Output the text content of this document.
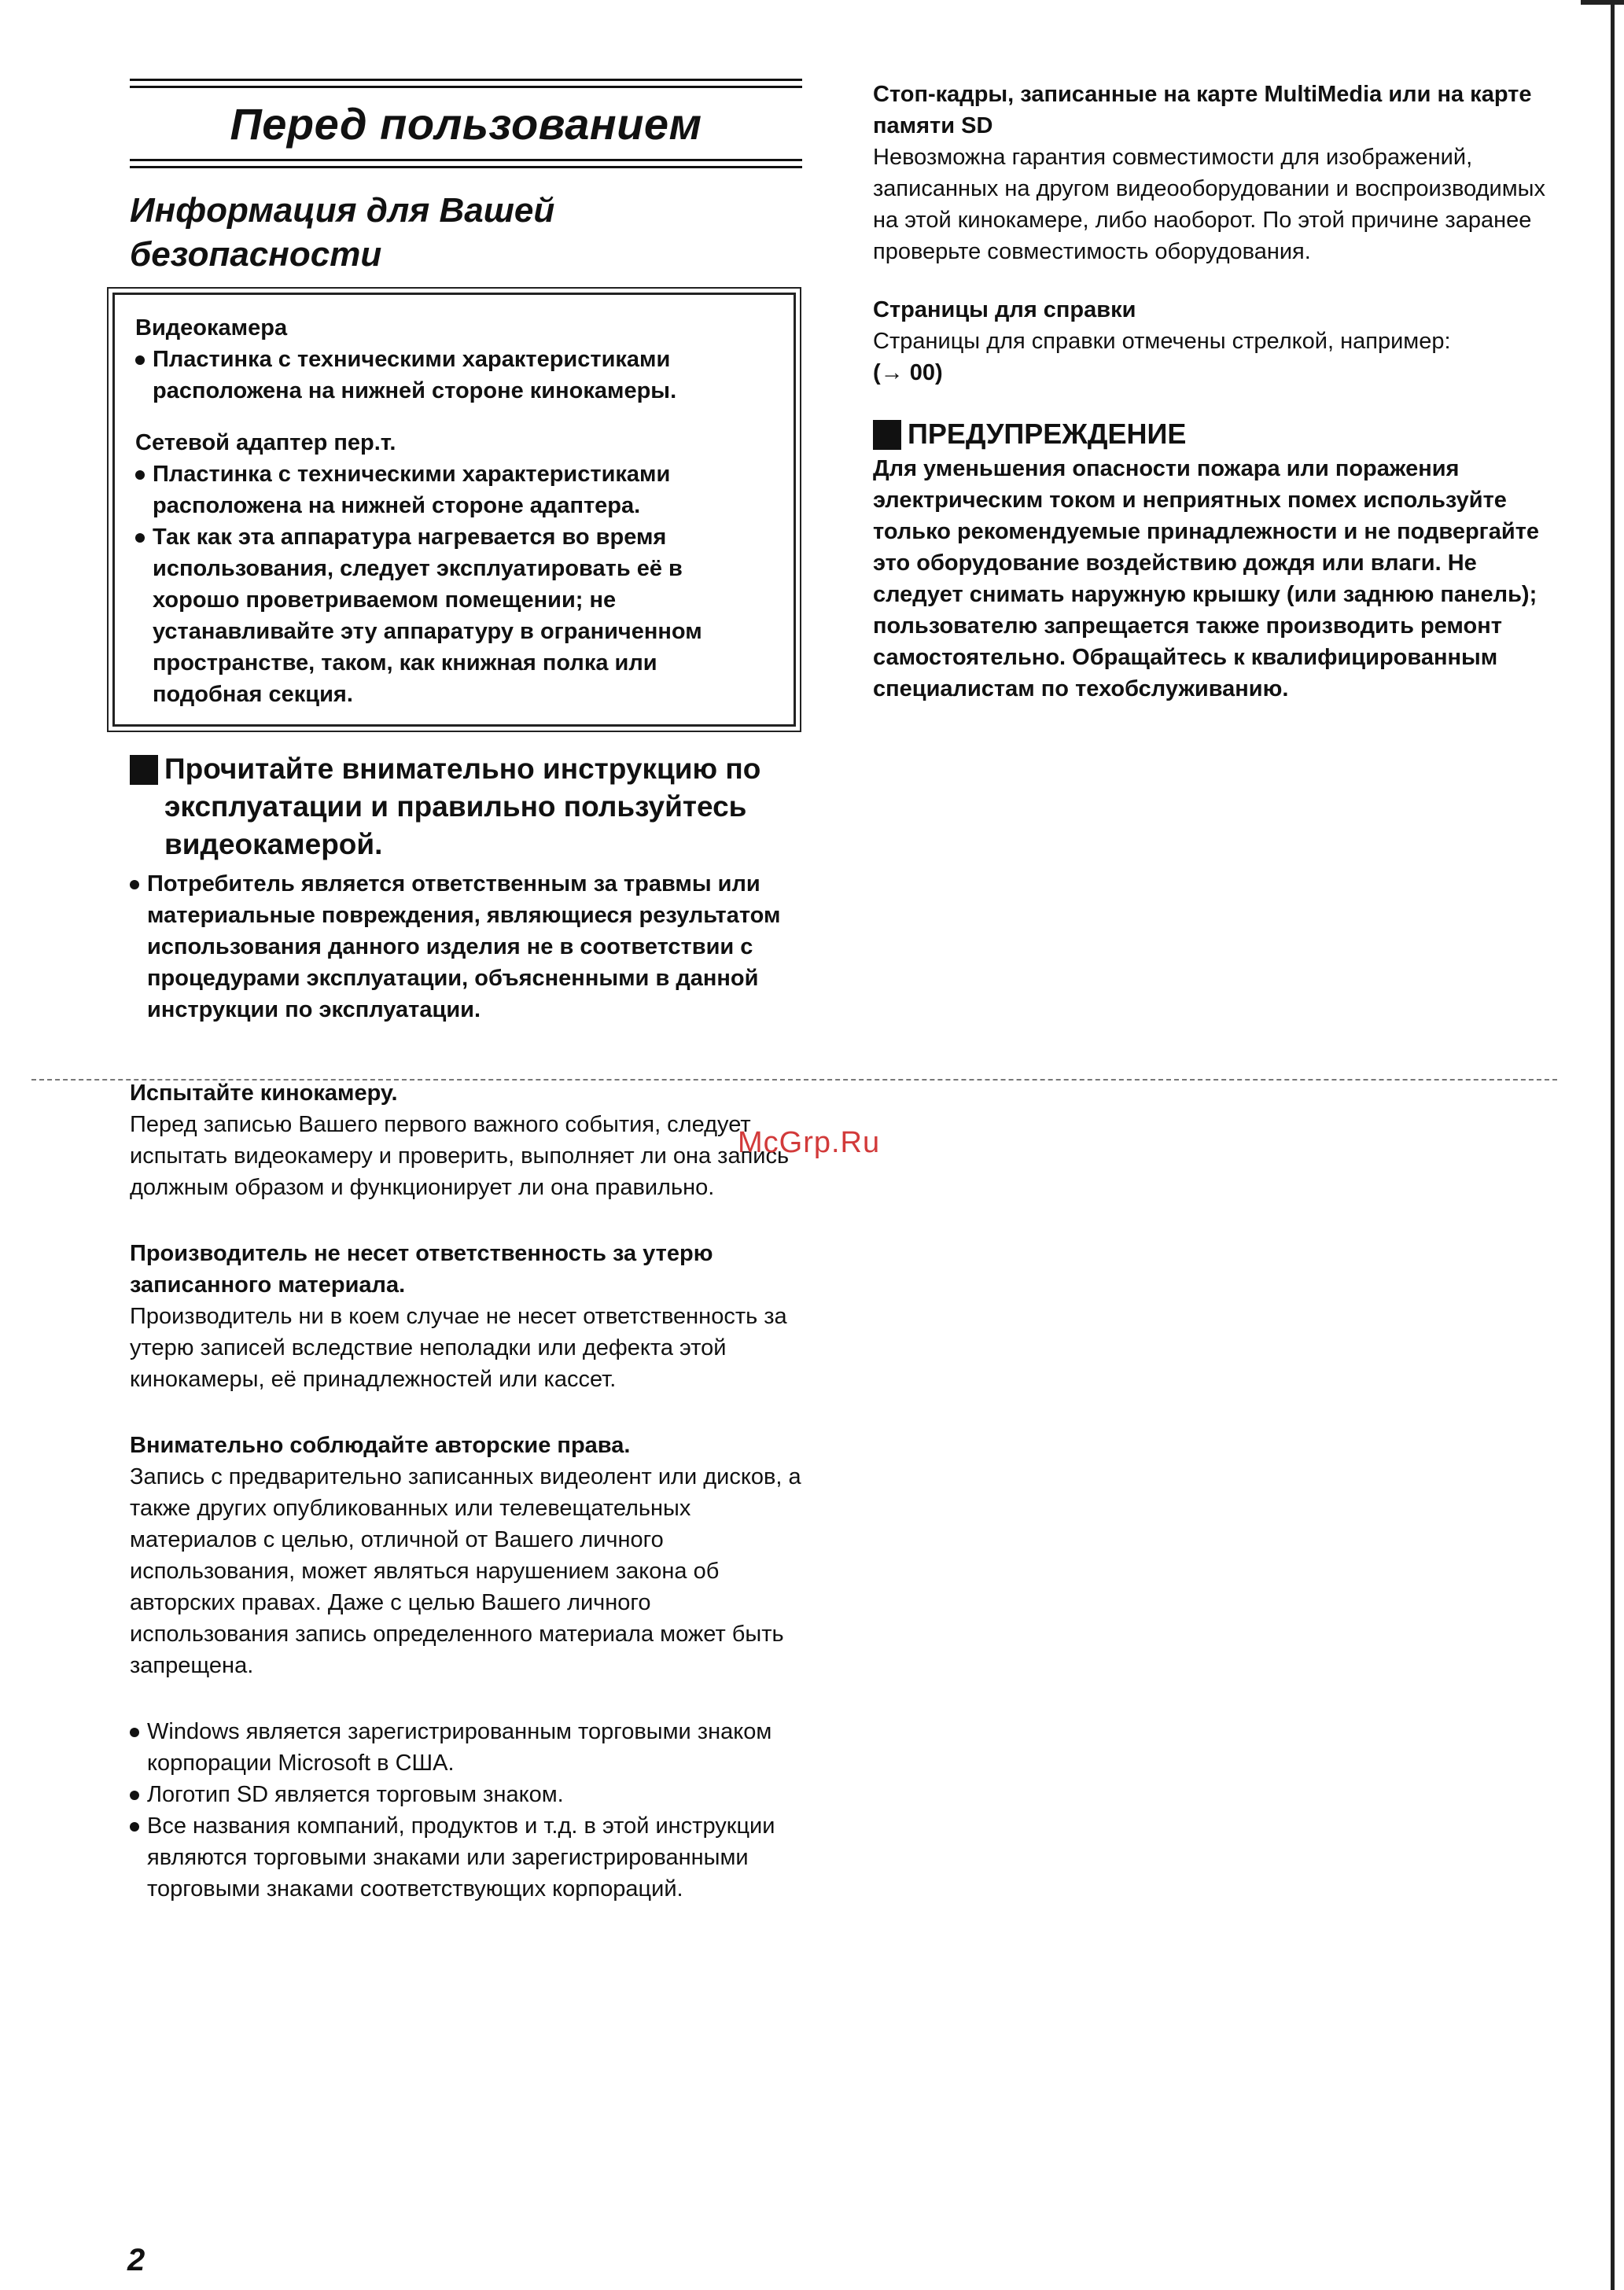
Перед пользованием
Информация для Вашей безопасности
Видеокамера
Пластинка с техническими характеристиками расположена на нижней стороне кинокамеры.
Сетевой адаптер пер.т.
Пластинка с техническими характеристиками расположена на нижней стороне адаптера.
Так как эта аппаратура нагревается во время использования, следует эксплуатировать её в хорошо проветриваемом помещении; не устанавливайте эту аппаратуру в ограниченном пространстве, таком, как книжная полка или подобная секция.
Прочитайте внимательно инструкцию по эксплуатации и правильно пользуйтесь видеокамерой.
Потребитель является ответственным за травмы или материальные повреждения, являющиеся результатом использования данного изделия не в соответствии с процедурами эксплуатации, объясненными в данной инструкции по эксплуатации.
Испытайте кинокамеру.
Перед записью Вашего первого важного события, следует испытать видеокамеру и проверить, выполняет ли она запись должным образом и функционирует ли она правильно.
Производитель не несет ответственность за утерю записанного материала.
Производитель ни в коем случае не несет ответственность за утерю записей вследствие неполадки или дефекта этой кинокамеры, её принадлежностей или кассет.
Внимательно соблюдайте авторские права.
Запись с предварительно записанных видеолент или дисков, а также других опубликованных или телевещательных материалов с целью, отличной от Вашего личного использования, может являться нарушением закона об авторских правах. Даже с целью Вашего личного использования запись определенного материала может быть запрещена.
Windows является зарегистрированным торговыми знаком корпорации Microsoft в США.
Логотип SD является торговым знаком.
Все названия компаний, продуктов и т.д. в этой инструкции являются торговыми знаками или зарегистрированными торговыми знаками соответствующих корпораций.
Стоп-кадры, записанные на карте MultiMedia или на карте памяти SD
Невозможна гарантия совместимости для изображений, записанных на другом видеооборудовании и воспроизводимых на этой кинокамере, либо наоборот. По этой причине заранее проверьте совместимость оборудования.
Страницы для справки
Страницы для справки отмечены стрелкой, например:
(→ 00)
ПРЕДУПРЕЖДЕНИЕ
Для уменьшения опасности пожара или поражения электрическим током и неприятных помех используйте только рекомендуемые принадлежности и не подвергайте это оборудование воздействию дождя или влаги. Не следует снимать наружную крышку (или заднюю панель); пользователю запрещается также производить ремонт самостоятельно. Обращайтесь к квалифицированным специалистам по техобслуживанию.
McGrp.Ru
2
